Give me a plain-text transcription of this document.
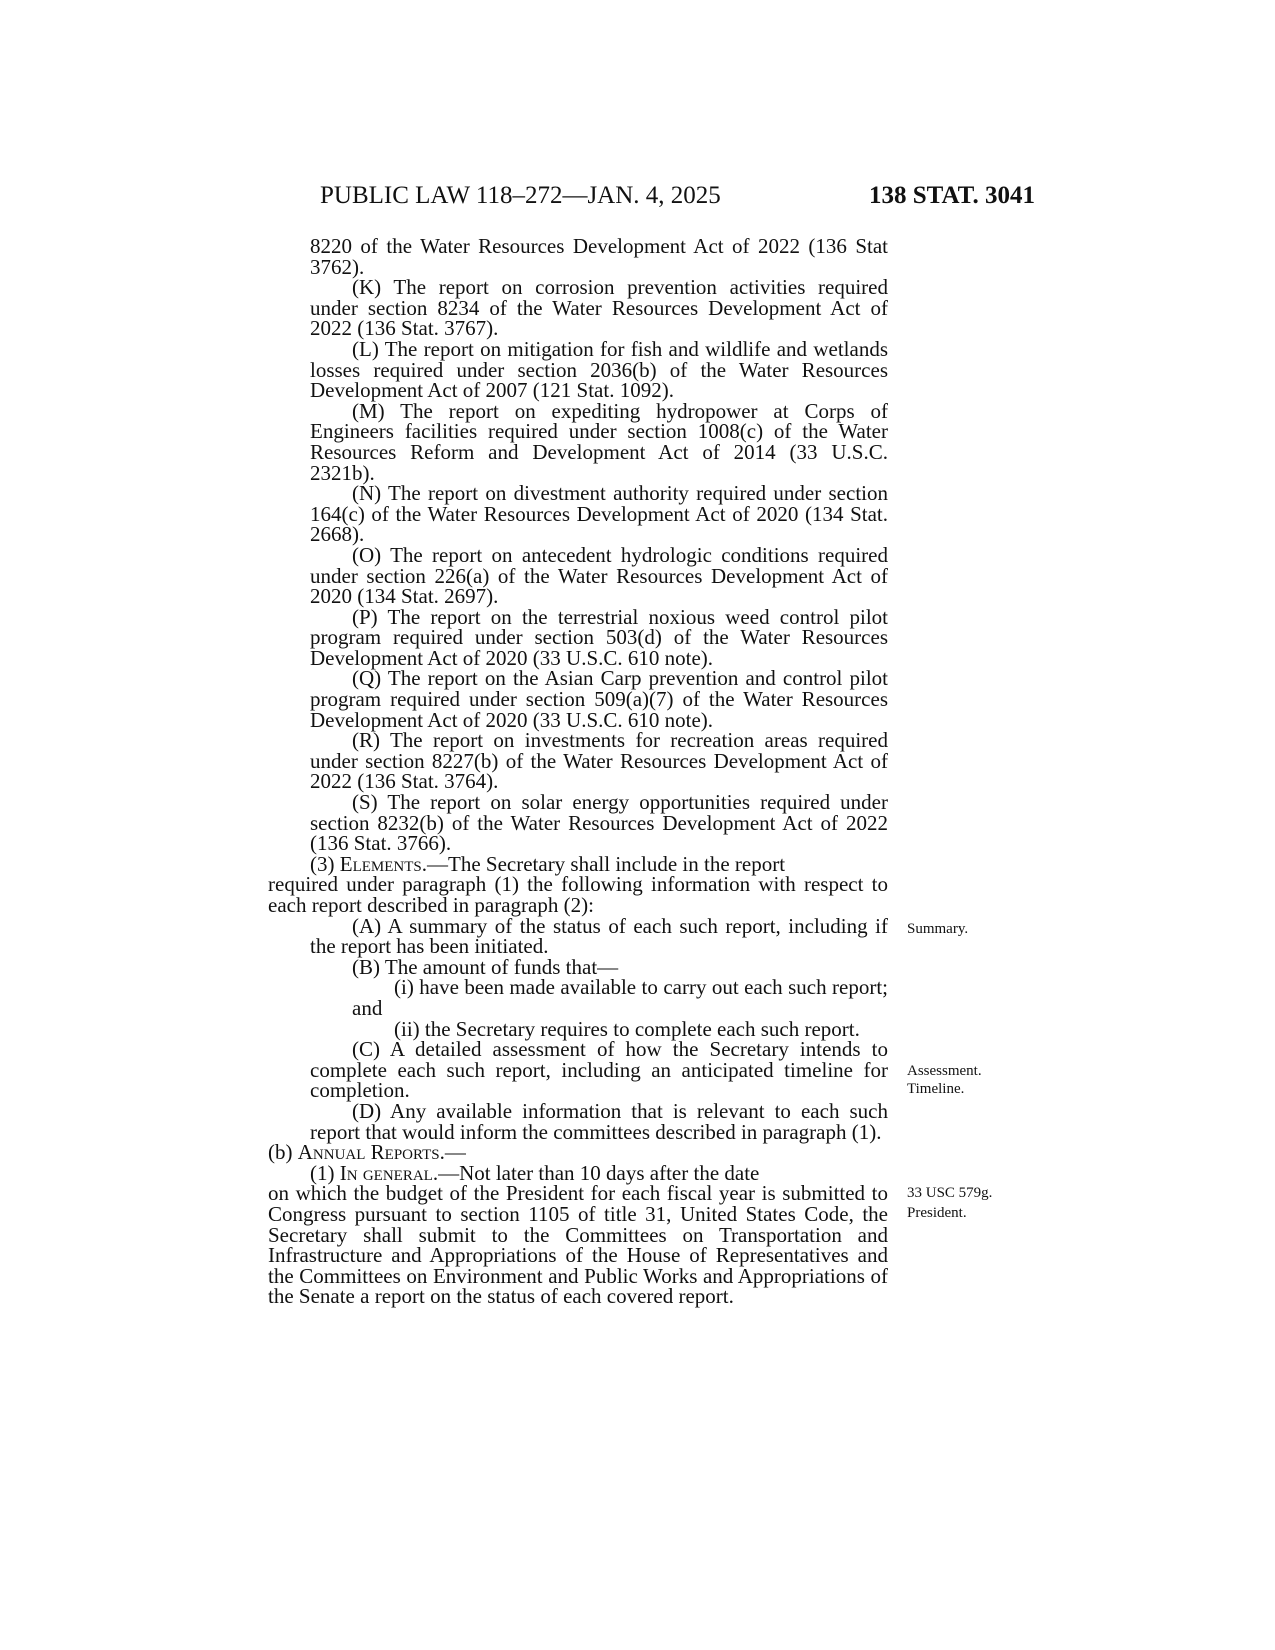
PUBLIC LAW 118–272—JAN. 4, 2025	138 STAT. 3041

8220 of the Water Resources Development Act of 2022 (136 Stat 3762).

(K) The report on corrosion prevention activities required under section 8234 of the Water Resources Development Act of 2022 (136 Stat. 3767).

(L) The report on mitigation for fish and wildlife and wetlands losses required under section 2036(b) of the Water Resources Development Act of 2007 (121 Stat. 1092).

(M) The report on expediting hydropower at Corps of Engineers facilities required under section 1008(c) of the Water Resources Reform and Development Act of 2014 (33 U.S.C. 2321b).

(N) The report on divestment authority required under section 164(c) of the Water Resources Development Act of 2020 (134 Stat. 2668).

(O) The report on antecedent hydrologic conditions required under section 226(a) of the Water Resources Development Act of 2020 (134 Stat. 2697).

(P) The report on the terrestrial noxious weed control pilot program required under section 503(d) of the Water Resources Development Act of 2020 (33 U.S.C. 610 note).

(Q) The report on the Asian Carp prevention and control pilot program required under section 509(a)(7) of the Water Resources Development Act of 2020 (33 U.S.C. 610 note).

(R) The report on investments for recreation areas required under section 8227(b) of the Water Resources Development Act of 2022 (136 Stat. 3764).

(S) The report on solar energy opportunities required under section 8232(b) of the Water Resources Development Act of 2022 (136 Stat. 3766).

(3) Elements.—The Secretary shall include in the report

required under paragraph (1) the following information with respect to each report described in paragraph (2):

(A) A summary of the status of each such report, including if the report has been initiated.

(B) The amount of funds that—

(i) have been made available to carry out each such report; and

(ii) the Secretary requires to complete each such report.

(C) A detailed assessment of how the Secretary intends to complete each such report, including an anticipated timeline for completion.

(D) Any available information that is relevant to each such report that would inform the committees described in paragraph (1).

(b) Annual Reports.—

(1) In general.—Not later than 10 days after the date

on which the budget of the President for each fiscal year is submitted to Congress pursuant to section 1105 of title 31, United States Code, the Secretary shall submit to the Committees on Transportation and Infrastructure and Appropriations of the House of Representatives and the Committees on Environment and Public Works and Appropriations of the Senate a report on the status of each covered report.

Summary.
Assessment.
Timeline.
33 USC 579g.
President.
